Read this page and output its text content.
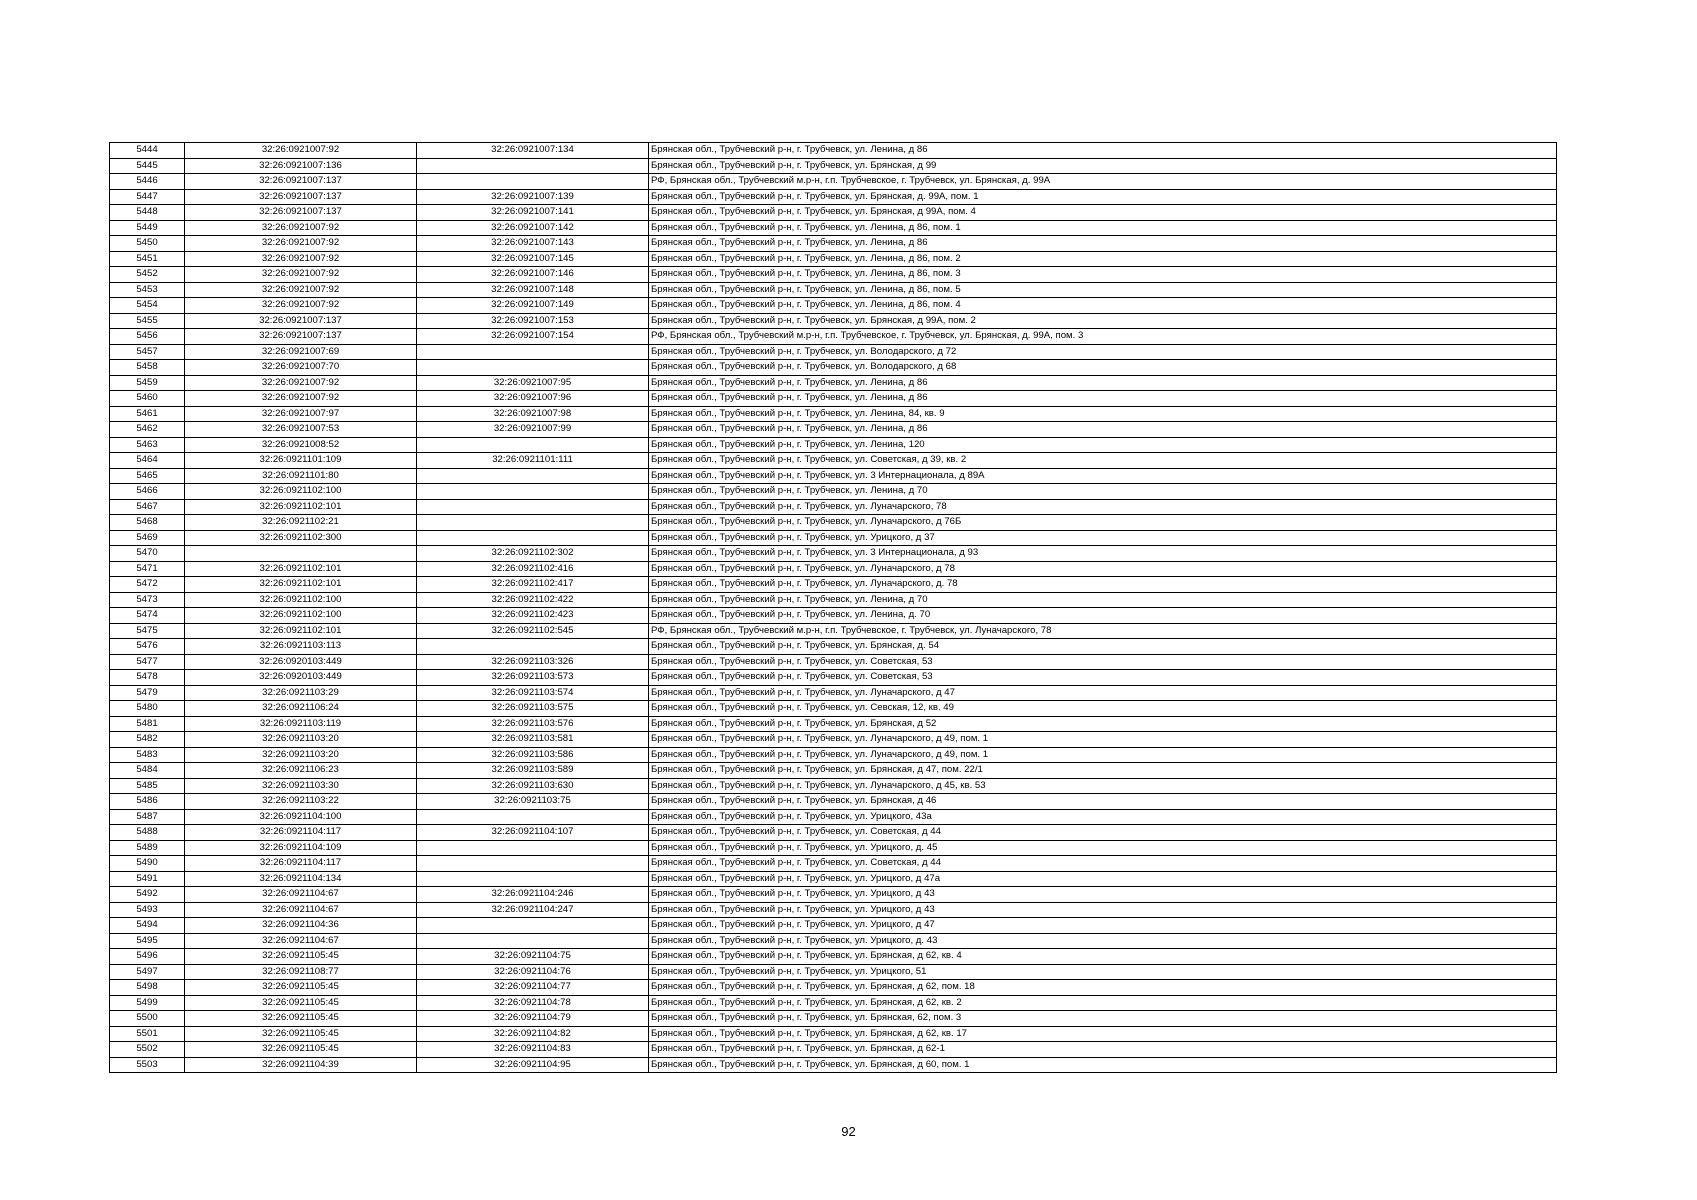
5444	32:26:0921007:92	32:26:0921007:134	Брянская обл., Трубчевский р-н, г. Трубчевск, ул. Ленина, д 86
5445	32:26:0921007:136		Брянская обл., Трубчевский р-н, г. Трубчевск, ул. Брянская, д 99
5446	32:26:0921007:137		РФ, Брянская обл., Трубчевский м.р-н, г.п. Трубчевское, г. Трубчевск, ул. Брянская, д. 99А
5447	32:26:0921007:137	32:26:0921007:139	Брянская обл., Трубчевский р-н, г. Трубчевск, ул. Брянская, д. 99А, пом. 1
5448	32:26:0921007:137	32:26:0921007:141	Брянская обл., Трубчевский р-н, г. Трубчевск, ул. Брянская, д 99А, пом. 4
5449	32:26:0921007:92	32:26:0921007:142	Брянская обл., Трубчевский р-н, г. Трубчевск, ул. Ленина, д 86, пом. 1
5450	32:26:0921007:92	32:26:0921007:143	Брянская обл., Трубчевский р-н, г. Трубчевск, ул. Ленина, д 86
5451	32:26:0921007:92	32:26:0921007:145	Брянская обл., Трубчевский р-н, г. Трубчевск, ул. Ленина, д 86, пом. 2
5452	32:26:0921007:92	32:26:0921007:146	Брянская обл., Трубчевский р-н, г. Трубчевск, ул. Ленина, д 86, пом. 3
5453	32:26:0921007:92	32:26:0921007:148	Брянская обл., Трубчевский р-н, г. Трубчевск, ул. Ленина, д 86, пом. 5
5454	32:26:0921007:92	32:26:0921007:149	Брянская обл., Трубчевский р-н, г. Трубчевск, ул. Ленина, д 86, пом. 4
5455	32:26:0921007:137	32:26:0921007:153	Брянская обл., Трубчевский р-н, г. Трубчевск, ул. Брянская, д 99А, пом. 2
5456	32:26:0921007:137	32:26:0921007:154	РФ, Брянская обл., Трубчевский м.р-н, г.п. Трубчевское, г. Трубчевск, ул. Брянская, д. 99А, пом. 3
5457	32:26:0921007:69		Брянская обл., Трубчевский р-н, г. Трубчевск, ул. Володарского, д 72
5458	32:26:0921007:70		Брянская обл., Трубчевский р-н, г. Трубчевск, ул. Володарского, д 68
5459	32:26:0921007:92	32:26:0921007:95	Брянская обл., Трубчевский р-н, г. Трубчевск, ул. Ленина, д 86
5460	32:26:0921007:92	32:26:0921007:96	Брянская обл., Трубчевский р-н, г. Трубчевск, ул. Ленина, д 86
5461	32:26:0921007:97	32:26:0921007:98	Брянская обл., Трубчевский р-н, г. Трубчевск, ул. Ленина, 84, кв. 9
5462	32:26:0921007:53	32:26:0921007:99	Брянская обл., Трубчевский р-н, г. Трубчевск, ул. Ленина, д 86
5463	32:26:0921008:52		Брянская обл., Трубчевский р-н, г. Трубчевск, ул. Ленина, 120
5464	32:26:0921101:109	32:26:0921101:111	Брянская обл., Трубчевский р-н, г. Трубчевск, ул. Советская, д 39, кв. 2
5465	32:26:0921101:80		Брянская обл., Трубчевский р-н, г. Трубчевск, ул. 3 Интернационала, д 89А
5466	32:26:0921102:100		Брянская обл., Трубчевский р-н, г. Трубчевск, ул. Ленина, д 70
5467	32:26:0921102:101		Брянская обл., Трубчевский р-н, г. Трубчевск, ул. Луначарского, 78
5468	32:26:0921102:21		Брянская обл., Трубчевский р-н, г. Трубчевск, ул. Луначарского, д 76Б
5469	32:26:0921102:300		Брянская обл., Трубчевский р-н, г. Трубчевск, ул. Урицкого, д 37
5470		32:26:0921102:302	Брянская обл., Трубчевский р-н, г. Трубчевск, ул. 3 Интернационала, д 93
5471	32:26:0921102:101	32:26:0921102:416	Брянская обл., Трубчевский р-н, г. Трубчевск, ул. Луначарского, д 78
5472	32:26:0921102:101	32:26:0921102:417	Брянская обл., Трубчевский р-н, г. Трубчевск, ул. Луначарского, д. 78
5473	32:26:0921102:100	32:26:0921102:422	Брянская обл., Трубчевский р-н, г. Трубчевск, ул. Ленина, д 70
5474	32:26:0921102:100	32:26:0921102:423	Брянская обл., Трубчевский р-н, г. Трубчевск, ул. Ленина, д. 70
5475	32:26:0921102:101	32:26:0921102:545	РФ, Брянская обл., Трубчевский м.р-н, г.п. Трубчевское, г. Трубчевск, ул. Луначарского, 78
5476	32:26:0921103:113		Брянская обл., Трубчевский р-н, г. Трубчевск, ул. Брянская, д. 54
5477	32:26:0920103:449	32:26:0921103:326	Брянская обл., Трубчевский р-н, г. Трубчевск, ул. Советская, 53
5478	32:26:0920103:449	32:26:0921103:573	Брянская обл., Трубчевский р-н, г. Трубчевск, ул. Советская, 53
5479	32:26:0921103:29	32:26:0921103:574	Брянская обл., Трубчевский р-н, г. Трубчевск, ул. Луначарского, д 47
5480	32:26:0921106:24	32:26:0921103:575	Брянская обл., Трубчевский р-н, г. Трубчевск, ул. Севская, 12, кв. 49
5481	32:26:0921103:119	32:26:0921103:576	Брянская обл., Трубчевский р-н, г. Трубчевск, ул. Брянская, д 52
5482	32:26:0921103:20	32:26:0921103:581	Брянская обл., Трубчевский р-н, г. Трубчевск, ул. Луначарского, д 49, пом. 1
5483	32:26:0921103:20	32:26:0921103:586	Брянская обл., Трубчевский р-н, г. Трубчевск, ул. Луначарского, д 49, пом. 1
5484	32:26:0921106:23	32:26:0921103:589	Брянская обл., Трубчевский р-н, г. Трубчевск, ул. Брянская, д 47, пом. 22/1
5485	32:26:0921103:30	32:26:0921103:630	Брянская обл., Трубчевский р-н, г. Трубчевск, ул. Луначарского, д 45, кв. 53
5486	32:26:0921103:22	32:26:0921103:75	Брянская обл., Трубчевский р-н, г. Трубчевск, ул. Брянская, д 46
5487	32:26:0921104:100		Брянская обл., Трубчевский р-н, г. Трубчевск, ул. Урицкого, 43а
5488	32:26:0921104:117	32:26:0921104:107	Брянская обл., Трубчевский р-н, г. Трубчевск, ул. Советская, д 44
5489	32:26:0921104:109		Брянская обл., Трубчевский р-н, г. Трубчевск, ул. Урицкого, д. 45
5490	32:26:0921104:117		Брянская обл., Трубчевский р-н, г. Трубчевск, ул. Советская, д 44
5491	32:26:0921104:134		Брянская обл., Трубчевский р-н, г. Трубчевск, ул. Урицкого, д 47а
5492	32:26:0921104:67	32:26:0921104:246	Брянская обл., Трубчевский р-н, г. Трубчевск, ул. Урицкого, д 43
5493	32:26:0921104:67	32:26:0921104:247	Брянская обл., Трубчевский р-н, г. Трубчевск, ул. Урицкого, д 43
5494	32:26:0921104:36		Брянская обл., Трубчевский р-н, г. Трубчевск, ул. Урицкого, д 47
5495	32:26:0921104:67		Брянская обл., Трубчевский р-н, г. Трубчевск, ул. Урицкого, д. 43
5496	32:26:0921105:45	32:26:0921104:75	Брянская обл., Трубчевский р-н, г. Трубчевск, ул. Брянская, д 62, кв. 4
5497	32:26:0921108:77	32:26:0921104:76	Брянская обл., Трубчевский р-н, г. Трубчевск, ул. Урицкого, 51
5498	32:26:0921105:45	32:26:0921104:77	Брянская обл., Трубчевский р-н, г. Трубчевск, ул. Брянская, д 62, пом. 18
5499	32:26:0921105:45	32:26:0921104:78	Брянская обл., Трубчевский р-н, г. Трубчевск, ул. Брянская, д 62, кв. 2
5500	32:26:0921105:45	32:26:0921104:79	Брянская обл., Трубчевский р-н, г. Трубчевск, ул. Брянская, 62, пом. 3
5501	32:26:0921105:45	32:26:0921104:82	Брянская обл., Трубчевский р-н, г. Трубчевск, ул. Брянская, д 62, кв. 17
5502	32:26:0921105:45	32:26:0921104:83	Брянская обл., Трубчевский р-н, г. Трубчевск, ул. Брянская, д 62-1
5503	32:26:0921104:39	32:26:0921104:95	Брянская обл., Трубчевский р-н, г. Трубчевск, ул. Брянская, д 60, пом. 1
92
